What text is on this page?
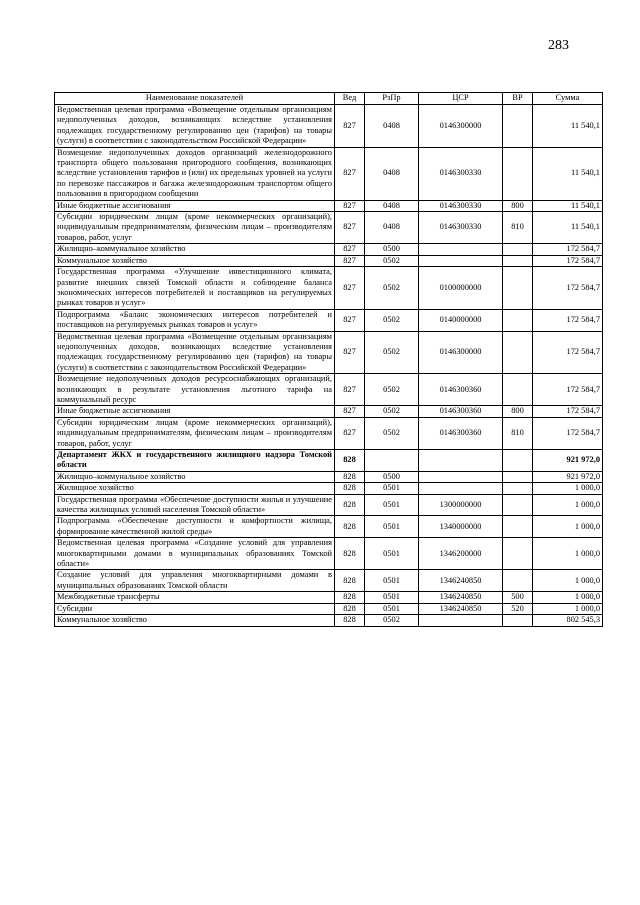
283
Наименование показателей	Вед	РзПр	ЦСР	ВР	Сумма
Ведомственная целевая программа «Возмещение отдельным организациям недополученных доходов, возникающих вследствие установления подлежащих государственному регулированию цен (тарифов) на товары (услуги) в соответствии с законодательством Российской Федерации»	827	0408	0146300000		11 540,1
Возмещение недополученных доходов организаций железнодорожного транспорта общего пользования пригородного сообщения, возникающих вследствие установления тарифов и (или) их предельных уровней на услуги по перевозке пассажиров и багажа железнодорожным транспортом общего пользования в пригородном сообщении	827	0408	0146300330		11 540,1
Иные бюджетные ассигнования	827	0408	0146300330	800	11 540,1
Субсидии юридическим лицам (кроме некоммерческих организаций), индивидуальным предпринимателям, физическим лицам – производителям товаров, работ, услуг	827	0408	0146300330	810	11 540,1
Жилищно–коммунальное хозяйство	827	0500			172 584,7
Коммунальное хозяйство	827	0502			172 584,7
Государственная программа «Улучшение инвестиционного климата, развитие внешних связей Томской области и соблюдение баланса экономических интересов потребителей и поставщиков на регулируемых рынках товаров и услуг»	827	0502	0100000000		172 584,7
Подпрограмма «Баланс экономических интересов потребителей и поставщиков на регулируемых рынках товаров и услуг»	827	0502	0140000000		172 584,7
Ведомственная целевая программа «Возмещение отдельным организациям недополученных доходов, возникающих вследствие установления подлежащих государственному регулированию цен (тарифов) на товары (услуги) в соответствии с законодательством Российской Федерации»	827	0502	0146300000		172 584,7
Возмещение недополученных доходов ресурсоснабжающих организаций, возникающих в результате установления льготного тарифа на коммунальный ресурс	827	0502	0146300360		172 584,7
Иные бюджетные ассигнования	827	0502	0146300360	800	172 584,7
Субсидии юридическим лицам (кроме некоммерческих организаций), индивидуальным предпринимателям, физическим лицам – производителям товаров, работ, услуг	827	0502	0146300360	810	172 584,7
Департамент ЖКХ и государственного жилищного надзора Томской области	828				921 972,0
Жилищно–коммунальное хозяйство	828	0500			921 972,0
Жилищное хозяйство	828	0501			1 000,0
Государственная программа «Обеспечение доступности жилья и улучшение качества жилищных условий населения Томской области»	828	0501	1300000000		1 000,0
Подпрограмма «Обеспечение доступности и комфортности жилища, формирование качественной жилой среды»	828	0501	1340000000		1 000,0
Ведомственная целевая программа «Создание условий для управления многоквартирными домами в муниципальных образованиях Томской области»	828	0501	1346200000		1 000,0
Создание условий для управления многоквартирными домами в муниципальных образованиях Томской области	828	0501	1346240850		1 000,0
Межбюджетные трансферты	828	0501	1346240850	500	1 000,0
Субсидии	828	0501	1346240850	520	1 000,0
Коммунальное хозяйство	828	0502			802 545,3
